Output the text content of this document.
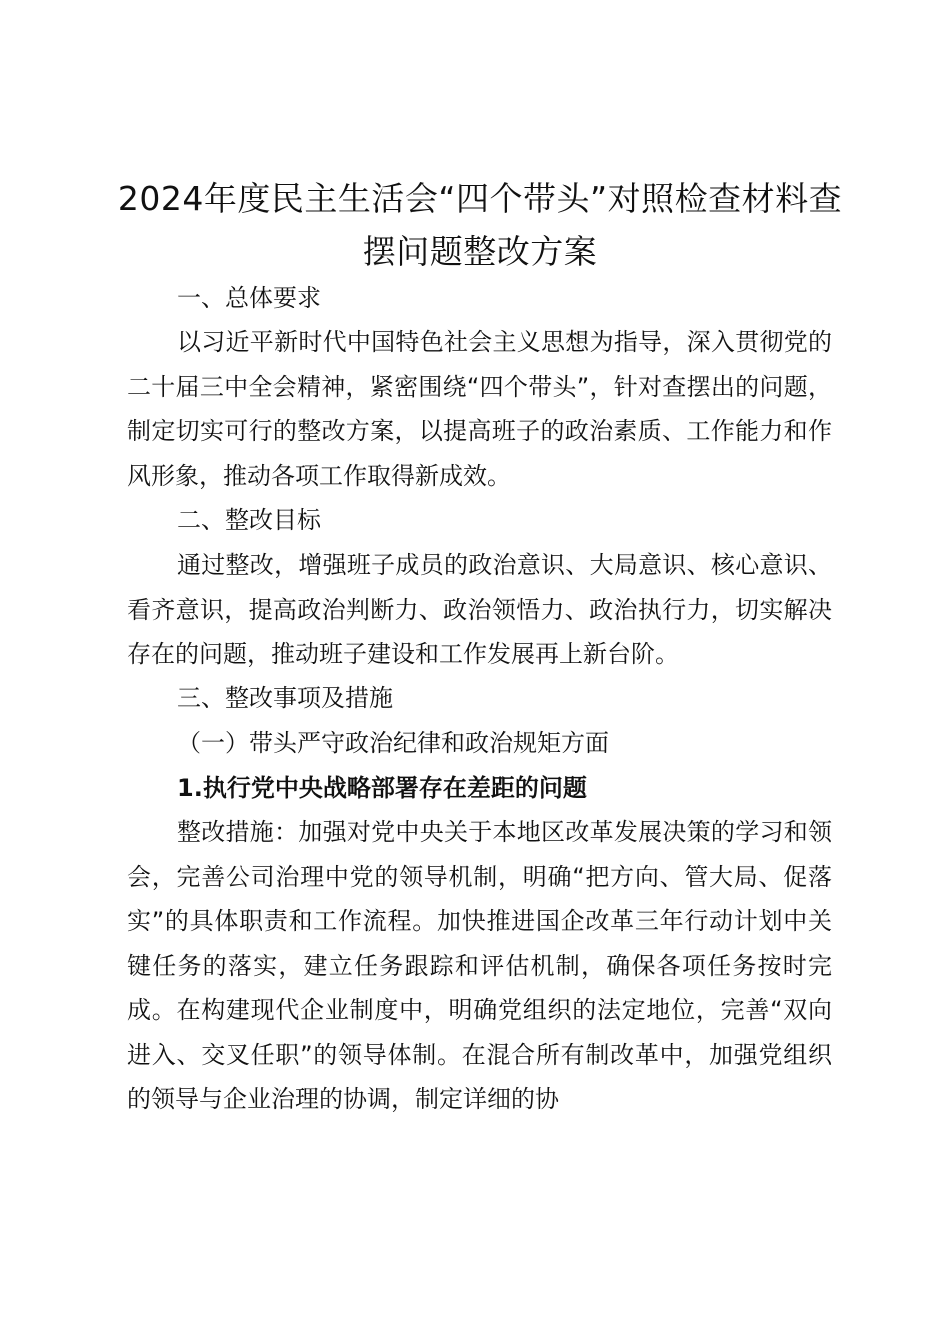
2024年度民主生活会“四个带头”对照检查材料查摆问题整改方案

一、总体要求

以习近平新时代中国特色社会主义思想为指导，深入贯彻党的二十届三中全会精神，紧密围绕“四个带头”，针对查摆出的问题，制定切实可行的整改方案，以提高班子的政治素质、工作能力和作风形象，推动各项工作取得新成效。

二、整改目标

通过整改，增强班子成员的政治意识、大局意识、核心意识、看齐意识，提高政治判断力、政治领悟力、政治执行力，切实解决存在的问题，推动班子建设和工作发展再上新台阶。

三、整改事项及措施

（一）带头严守政治纪律和政治规矩方面

1.执行党中央战略部署存在差距的问题

整改措施：加强对党中央关于本地区改革发展决策的学习和领会，完善公司治理中党的领导机制，明确“把方向、管大局、促落实”的具体职责和工作流程。加快推进国企改革三年行动计划中关键任务的落实，建立任务跟踪和评估机制，确保各项任务按时完成。在构建现代企业制度中，明确党组织的法定地位，完善“双向进入、交叉任职”的领导体制。在混合所有制改革中，加强党组织的领导与企业治理的协调，制定详细的协
